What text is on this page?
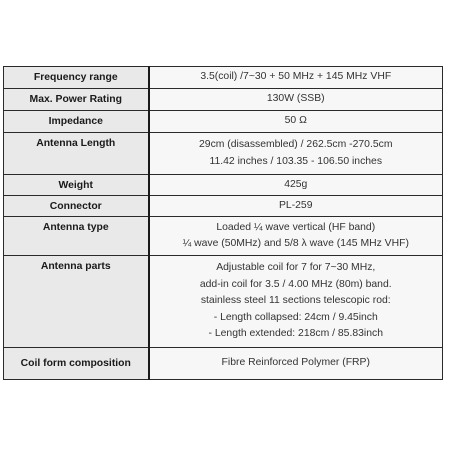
Frequency range	3.5(coil) /7~30 + 50 MHz + 145 MHz VHF

Max. Power Rating	130W (SSB)

Impedance	50 Ω

Antenna Length	29cm (disassembled) / 262.5cm -270.5cm
11.42 inches / 103.35 - 106.50 inches

Weight	425g

Connector	PL-259

Antenna type	Loaded ¼ wave vertical (HF band)
¼ wave (50MHz) and 5/8 λ wave (145 MHz VHF)

Antenna parts	Adjustable coil for 7 for 7~30 MHz,
add-in coil for 3.5 / 4.00 MHz (80m) band.
stainless steel 11 sections telescopic rod:
- Length collapsed: 24cm / 9.45inch
- Length extended: 218cm / 85.83inch

Coil form composition	Fibre Reinforced Polymer (FRP)
